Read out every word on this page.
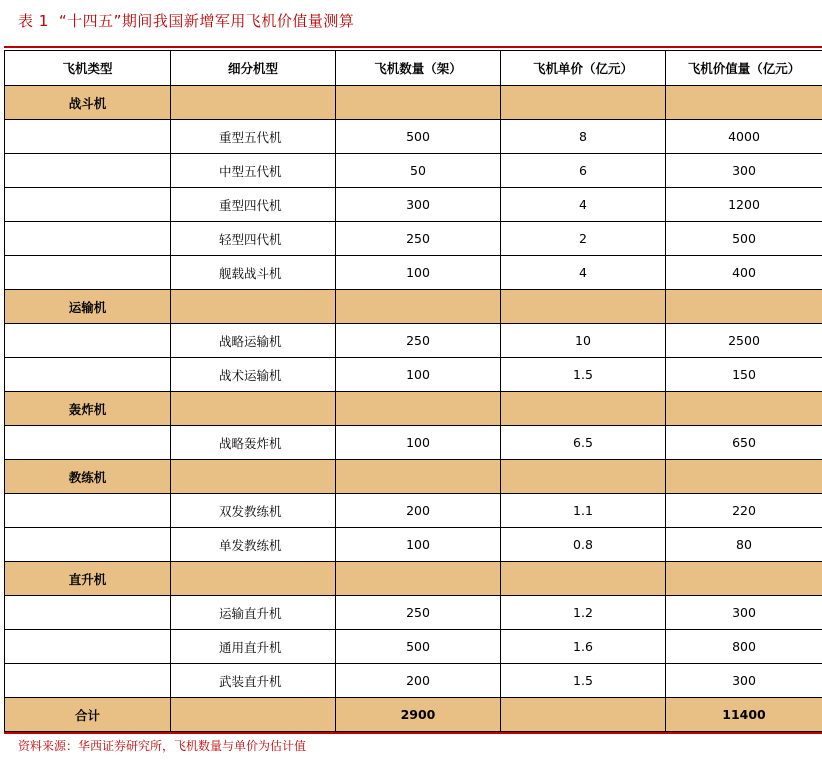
表 1 “十四五”期间我国新增军用飞机价值量测算
飞机类型	细分机型	飞机数量（架）	飞机单价（亿元）	飞机价值量（亿元）
战斗机				
	重型五代机	500	8	4000
	中型五代机	50	6	300
	重型四代机	300	4	1200
	轻型四代机	250	2	500
	舰载战斗机	100	4	400
运输机				
	战略运输机	250	10	2500
	战术运输机	100	1.5	150
轰炸机				
	战略轰炸机	100	6.5	650
教练机				
	双发教练机	200	1.1	220
	单发教练机	100	0.8	80
直升机				
	运输直升机	250	1.2	300
	通用直升机	500	1.6	800
	武装直升机	200	1.5	300
合计		2900		11400
资料来源：华西证券研究所，飞机数量与单价为估计值
